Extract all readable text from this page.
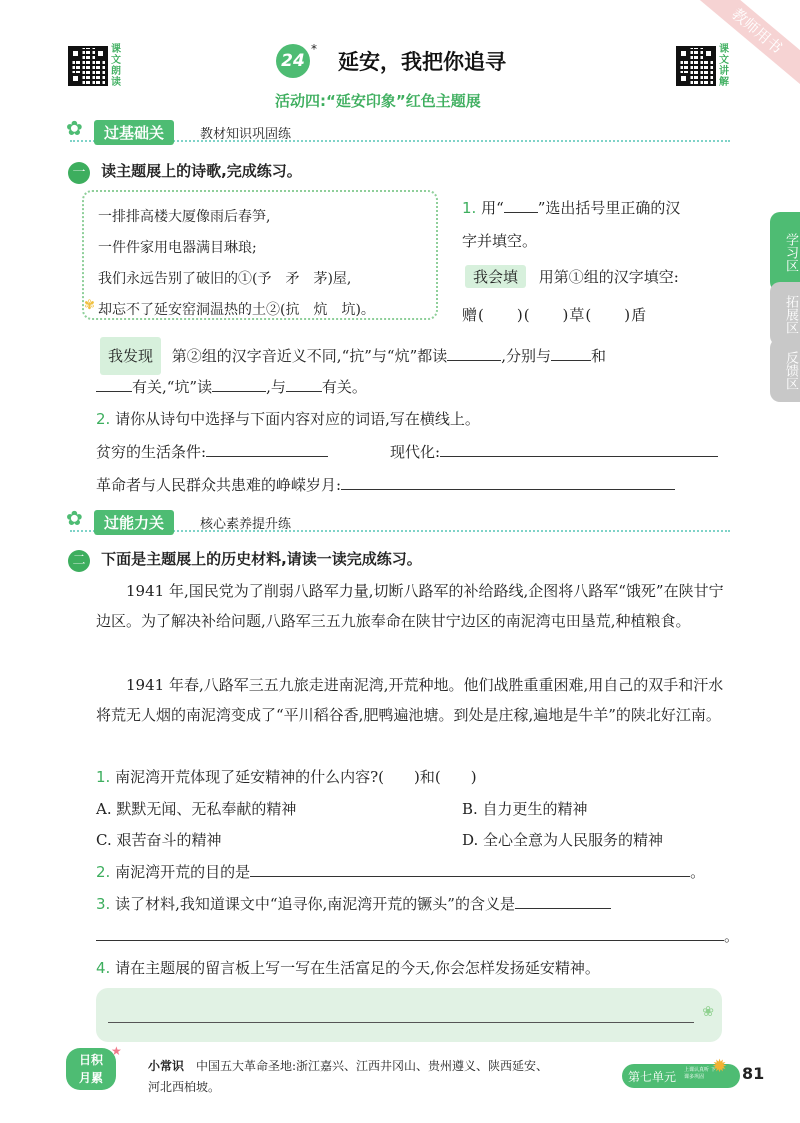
教师用书
课文朗读
24
*
延安，我把你追寻
活动四:“延安印象”红色主题展
课文讲解
学习区
拓展区
反馈区
过基础关	教材知识巩固练
✿
一 读主题展上的诗歌,完成练习。
一排排高楼大厦像雨后春笋,
一件件家用电器满目琳琅;
我们永远告别了破旧的①(予　矛　茅)屋,
却忘不了延安窑洞温热的土②(抗　炕　坑)。
✾
1. 用“ ”选出括号里正确的汉
字并填空。
我会填 用第①组的汉字填空:
赠(　　)(　　)草(　　)盾
我发现 第②组的汉字音近义不同,“抗”与“炕”都读	,分别与	和
有关,“坑”读	,与 有关。
2. 请你从诗句中选择与下面内容对应的词语,写在横线上。
贫穷的生活条件:	现代化:
革命者与人民群众共患难的峥嵘岁月:
过能力关	核心素养提升练
✿
二 下面是主题展上的历史材料,请读一读完成练习。
1941 年,国民党为了削弱八路军力量,切断八路军的补给路线,企图将八路军“饿死”在陕甘宁边区。为了解决补给问题,八路军三五九旅奉命在陕甘宁边区的南泥湾屯田垦荒,种植粮食。
1941 年春,八路军三五九旅走进南泥湾,开荒种地。他们战胜重重困难,用自己的双手和汗水将荒无人烟的南泥湾变成了“平川稻谷香,肥鸭遍池塘。到处是庄稼,遍地是牛羊”的陕北好江南。
1. 南泥湾开荒体现了延安精神的什么内容?(　　)和(　　)
A. 默默无闻、无私奉献的精神	B. 自力更生的精神
C. 艰苦奋斗的精神	D. 全心全意为人民服务的精神
2. 南泥湾开荒的目的是	。
3. 读了材料,我知道课文中“追寻你,南泥湾开荒的镢头”的含义是
。
4. 请在主题展的留言板上写一写在生活富足的今天,你会怎样发扬延安精神。
❀
日积
月累
★
小常识 中国五大革命圣地:浙江嘉兴、江西井冈山、贵州遵义、陕西延安、
河北西柏坡。
第七单元 上课认真听 下课多巩固 ✹ 81
